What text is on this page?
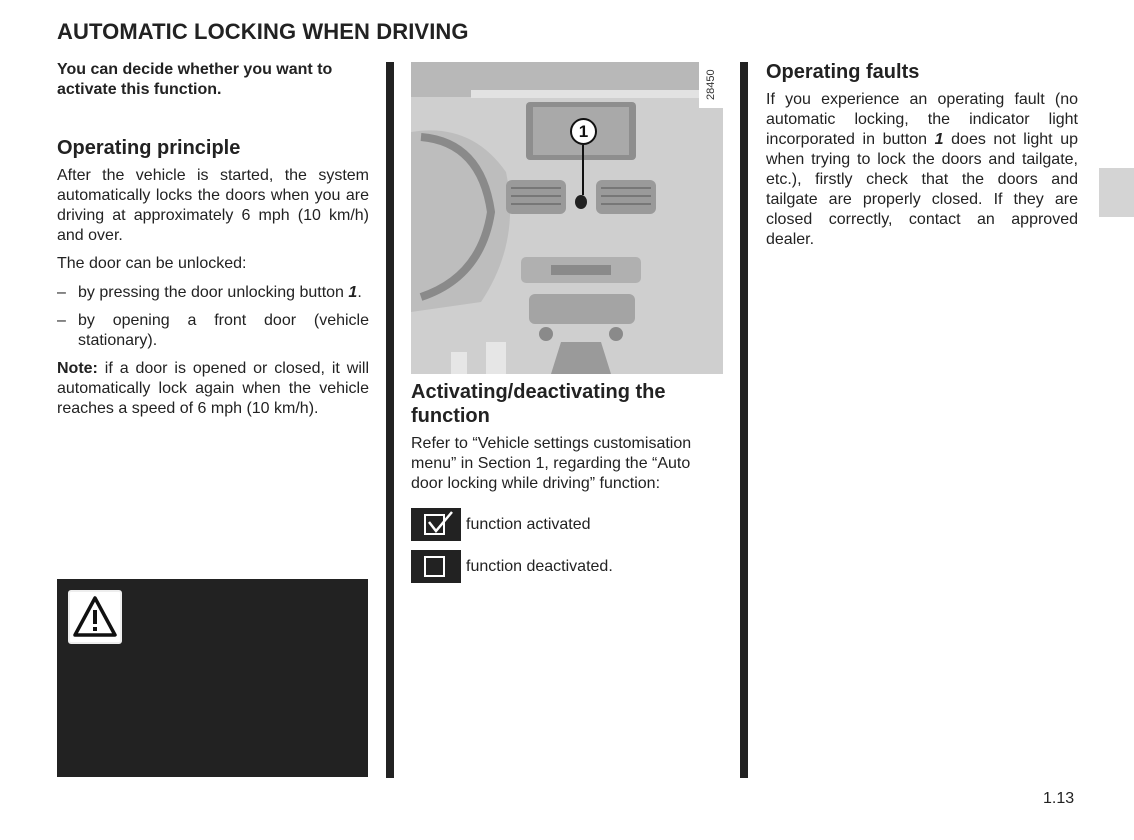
AUTOMATIC LOCKING WHEN DRIVING

You can decide whether you want to activate this function.

Operating principle

After the vehicle is started, the system automatically locks the doors when you are driving at approximately 6 mph (10 km/h) and over.

The door can be unlocked:

– by pressing the door unlocking button 1.
– by opening a front door (vehicle stationary).

Note: if a door is opened or closed, it will automatically lock again when the vehicle reaches a speed of 6 mph (10 km/h).

28450
1
Activating/deactivating the function

Refer to “Vehicle settings customisation menu” in Section 1, regarding the “Auto door locking while driving” function:

function activated
function deactivated.
Operating faults

If you experience an operating fault (no automatic locking, the indicator light incorporated in button 1 does not light up when trying to lock the doors and tailgate, etc.), firstly check that the doors and tailgate are properly closed. If they are closed correctly, contact an approved dealer.

1.13
